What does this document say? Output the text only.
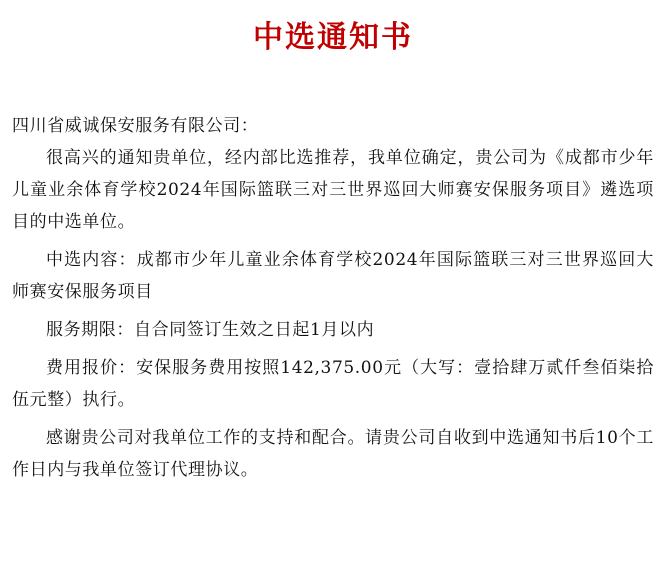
中选通知书

四川省威诚保安服务有限公司：

很高兴的通知贵单位，经内部比选推荐，我单位确定，贵公司为《成都市少年儿童业余体育学校2024年国际篮联三对三世界巡回大师赛安保服务项目》遴选项目的中选单位。

中选内容：成都市少年儿童业余体育学校2024年国际篮联三对三世界巡回大师赛安保服务项目

服务期限：自合同签订生效之日起1月以内

费用报价：安保服务费用按照142,375.00元（大写：壹拾肆万贰仟叁佰柒拾伍元整）执行。

感谢贵公司对我单位工作的支持和配合。请贵公司自收到中选通知书后10个工作日内与我单位签订代理协议。
